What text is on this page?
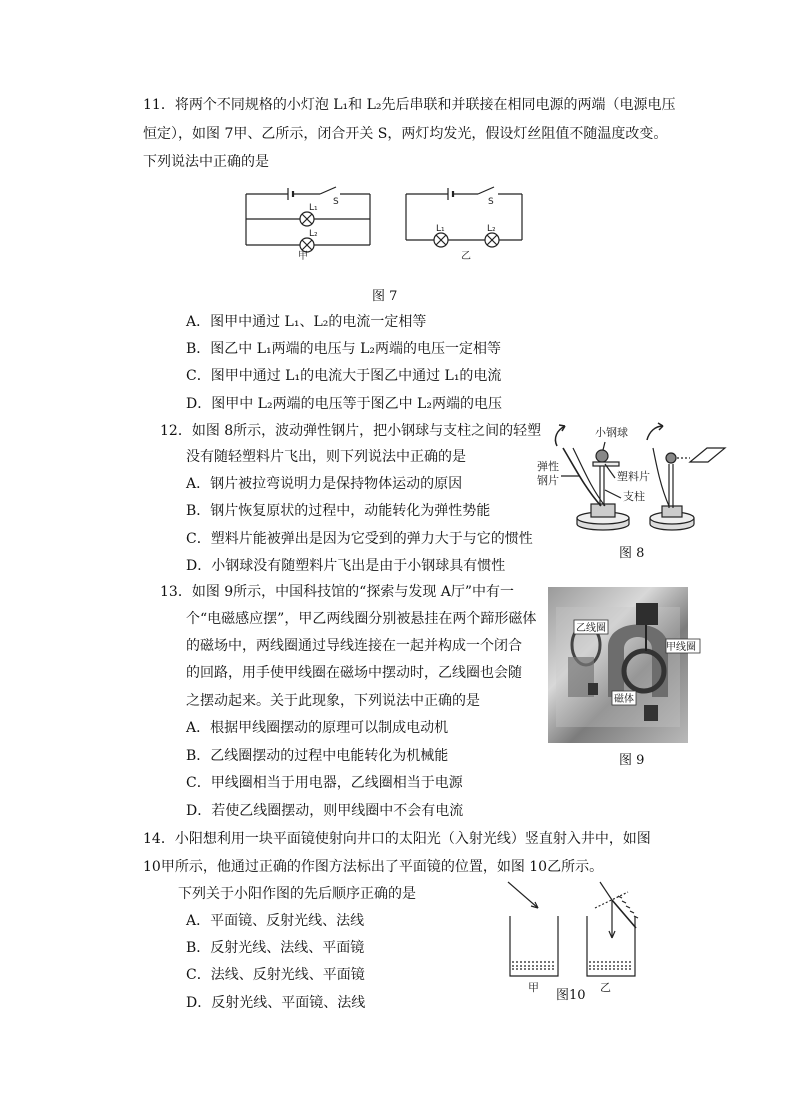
11．将两个不同规格的小灯泡 L₁和 L₂先后串联和并联接在相同电源的两端（电源电压
恒定），如图 7甲、乙所示，闭合开关 S，两灯均发光，假设灯丝阻值不随温度改变。
下列说法中正确的是
S
L₁
L₂
甲
S
L₁	L₂
乙
图 7
A．图甲中通过 L₁、L₂的电流一定相等
B．图乙中 L₁两端的电压与 L₂两端的电压一定相等
C．图甲中通过 L₁的电流大于图乙中通过 L₁的电流
D．图甲中 L₂两端的电压等于图乙中 L₂两端的电压
12．如图 8所示，波动弹性钢片，把小钢球与支柱之间的轻塑
没有随轻塑料片飞出，则下列说法中正确的是
A．钢片被拉弯说明力是保持物体运动的原因
B．钢片恢复原状的过程中，动能转化为弹性势能
C．塑料片能被弹出是因为它受到的弹力大于与它的惯性
D．小钢球没有随塑料片飞出是由于小钢球具有惯性
小钢球
弹性
钢片	塑料片
支柱
图 8
13．如图 9所示，中国科技馆的“探索与发现 A厅”中有一
个“电磁感应摆”，甲乙两线圈分别被悬挂在两个蹄形磁体
的磁场中，两线圈通过导线连接在一起并构成一个闭合
的回路，用手使甲线圈在磁场中摆动时，乙线圈也会随
之摆动起来。关于此现象，下列说法中正确的是
A．根据甲线圈摆动的原理可以制成电动机
B．乙线圈摆动的过程中电能转化为机械能
C．甲线圈相当于用电器，乙线圈相当于电源
D．若使乙线圈摆动，则甲线圈中不会有电流
乙线圈
甲线圈
磁体
图 9
14．小阳想利用一块平面镜使射向井口的太阳光（入射光线）竖直射入井中，如图
10甲所示，他通过正确的作图方法标出了平面镜的位置，如图 10乙所示。
下列关于小阳作图的先后顺序正确的是
A．平面镜、反射光线、法线
B．反射光线、法线、平面镜
C．法线、反射光线、平面镜
D．反射光线、平面镜、法线
甲	乙
图10
